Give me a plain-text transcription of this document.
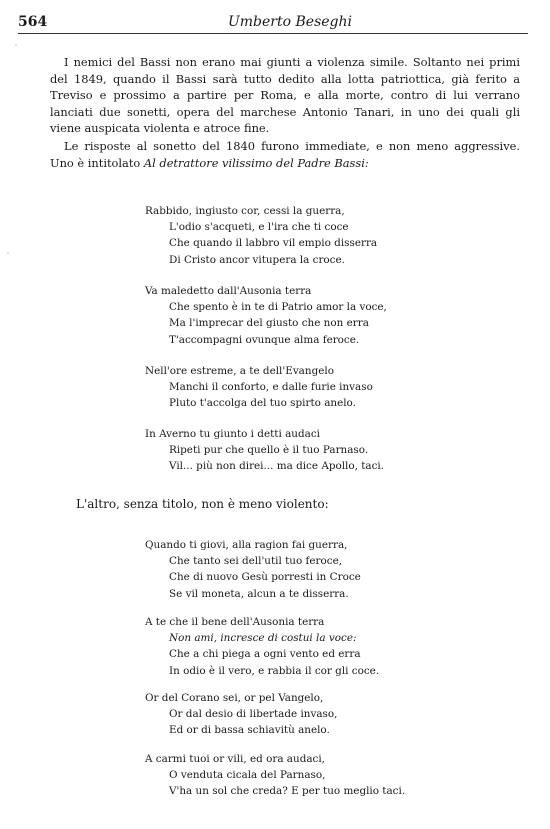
564	Umberto Beseghi
˙
˙

I nemici del Bassi non erano mai giunti a violenza simile. Soltanto nei primi del 1849, quando il Bassi sarà tutto dedito alla lotta patriottica, già ferito a Treviso e prossimo a partire per Roma, e alla morte, contro di lui verrano lanciati due sonetti, opera del marchese Antonio Tanari, in uno dei quali gli viene auspicata violenta e atroce fine.

Le risposte al sonetto del 1840 furono immediate, e non meno aggressive. Uno è intitolato Al detrattore vilissimo del Padre Bassi:

Rabbido, ingiusto cor, cessi la guerra,
L'odio s'acqueti, e l'ira che ti coce
Che quando il labbro vil empio disserra
Di Cristo ancor vitupera la croce.
Va maledetto dall'Ausonia terra
Che spento è in te di Patrio amor la voce,
Ma l'imprecar del giusto che non erra
T'accompagni ovunque alma feroce.
Nell'ore estreme, a te dell'Evangelo
Manchi il conforto, e dalle furie invaso
Pluto t'accolga del tuo spirto anelo.
In Averno tu giunto i detti audaci
Ripeti pur che quello è il tuo Parnaso.
Vil... più non direi... ma dice Apollo, taci.
L'altro, senza titolo, non è meno violento:
Quando ti giovi, alla ragion fai guerra,
Che tanto sei dell'util tuo feroce,
Che di nuovo Gesù porresti in Croce
Se vil moneta, alcun a te disserra.
A te che il bene dell'Ausonia terra
Non ami, increscе di costui la voce:
Che a chi piega a ogni vento ed erra
In odio è il vero, e rabbia il cor gli coce.
Or del Corano sei, or pel Vangelo,
Or dal desio di libertade invaso,
Ed or di bassa schiavitù anelo.
A carmi tuoi or vili, ed ora audaci,
O venduta cicala del Parnaso,
V'ha un sol che creda? E per tuo meglio taci.
